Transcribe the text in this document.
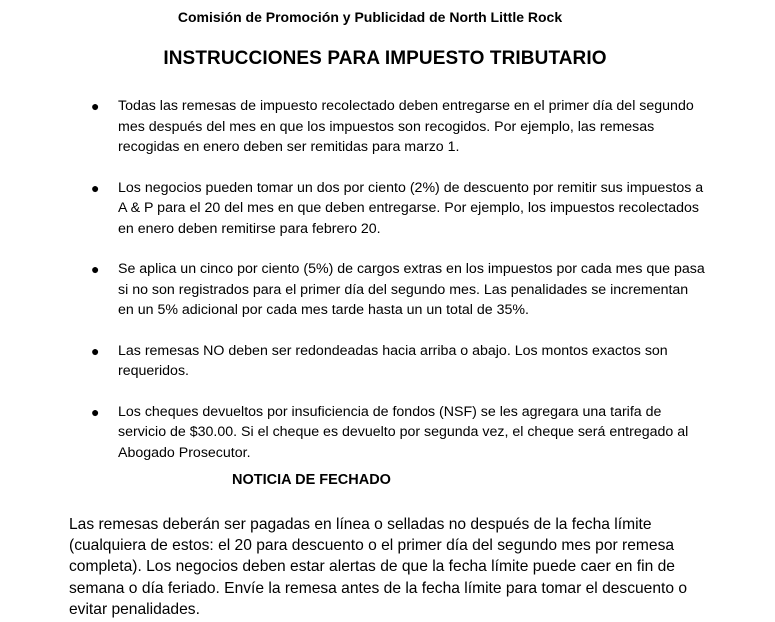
Comisión de Promoción y Publicidad de North Little Rock
INSTRUCCIONES PARA IMPUESTO TRIBUTARIO
● Todas las remesas de impuesto recolectado deben entregarse en el primer día del segundo mes después del mes en que los impuestos son recogidos. Por ejemplo, las remesas recogidas en enero deben ser remitidas para marzo 1.
● Los negocios pueden tomar un dos por ciento (2%) de descuento por remitir sus impuestos a A & P para el 20 del mes en que deben entregarse. Por ejemplo, los impuestos recolectados en enero deben remitirse para febrero 20.
● Se aplica un cinco por ciento (5%) de cargos extras en los impuestos por cada mes que pasa si no son registrados para el primer día del segundo mes. Las penalidades se incrementan en un 5% adicional por cada mes tarde hasta un un total de 35%.
● Las remesas NO deben ser redondeadas hacia arriba o abajo. Los montos exactos son requeridos.
● Los cheques devueltos por insuficiencia de fondos (NSF) se les agregara una tarifa de servicio de $30.00. Si el cheque es devuelto por segunda vez, el cheque será entregado al Abogado Prosecutor.
NOTICIA DE FECHADO

Las remesas deberán ser pagadas en línea o selladas no después de la fecha límite (cualquiera de estos: el 20 para descuento o el primer día del segundo mes por remesa completa). Los negocios deben estar alertas de que la fecha límite puede caer en fin de semana o día feriado. Envíe la remesa antes de la fecha límite para tomar el descuento o evitar penalidades.
